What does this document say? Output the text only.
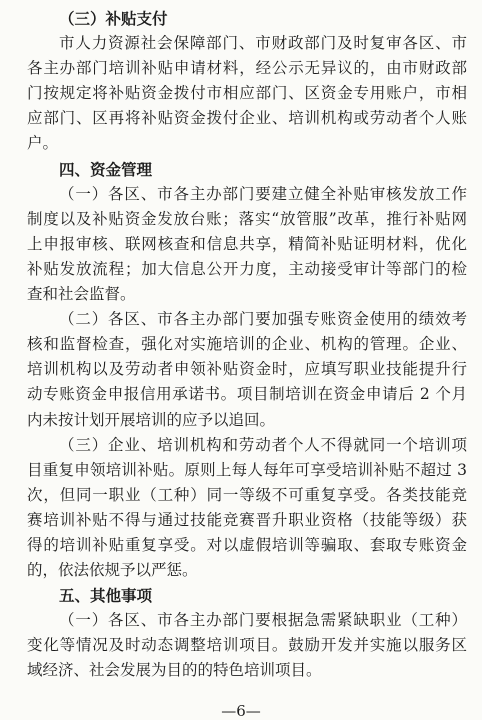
（三）补贴支付
市人力资源社会保障部门、市财政部门及时复审各区、市
各主办部门培训补贴申请材料，经公示无异议的，由市财政部
门按规定将补贴资金拨付市相应部门、区资金专用账户，市相
应部门、区再将补贴资金拨付企业、培训机构或劳动者个人账
户。
四、资金管理
（一）各区、市各主办部门要建立健全补贴审核发放工作
制度以及补贴资金发放台账；落实“放管服”改革，推行补贴网
上申报审核、联网核查和信息共享，精简补贴证明材料，优化
补贴发放流程；加大信息公开力度，主动接受审计等部门的检
查和社会监督。
（二）各区、市各主办部门要加强专账资金使用的绩效考
核和监督检查，强化对实施培训的企业、机构的管理。企业、
培训机构以及劳动者申领补贴资金时，应填写职业技能提升行
动专账资金申报信用承诺书。项目制培训在资金申请后 2 个月
内未按计划开展培训的应予以追回。
（三）企业、培训机构和劳动者个人不得就同一个培训项
目重复申领培训补贴。原则上每人每年可享受培训补贴不超过 3
次，但同一职业（工种）同一等级不可重复享受。各类技能竞
赛培训补贴不得与通过技能竞赛晋升职业资格（技能等级）获
得的培训补贴重复享受。对以虚假培训等骗取、套取专账资金
的，依法依规予以严惩。
五、其他事项
（一）各区、市各主办部门要根据急需紧缺职业（工种）
变化等情况及时动态调整培训项目。鼓励开发并实施以服务区
域经济、社会发展为目的的特色培训项目。
—6—
